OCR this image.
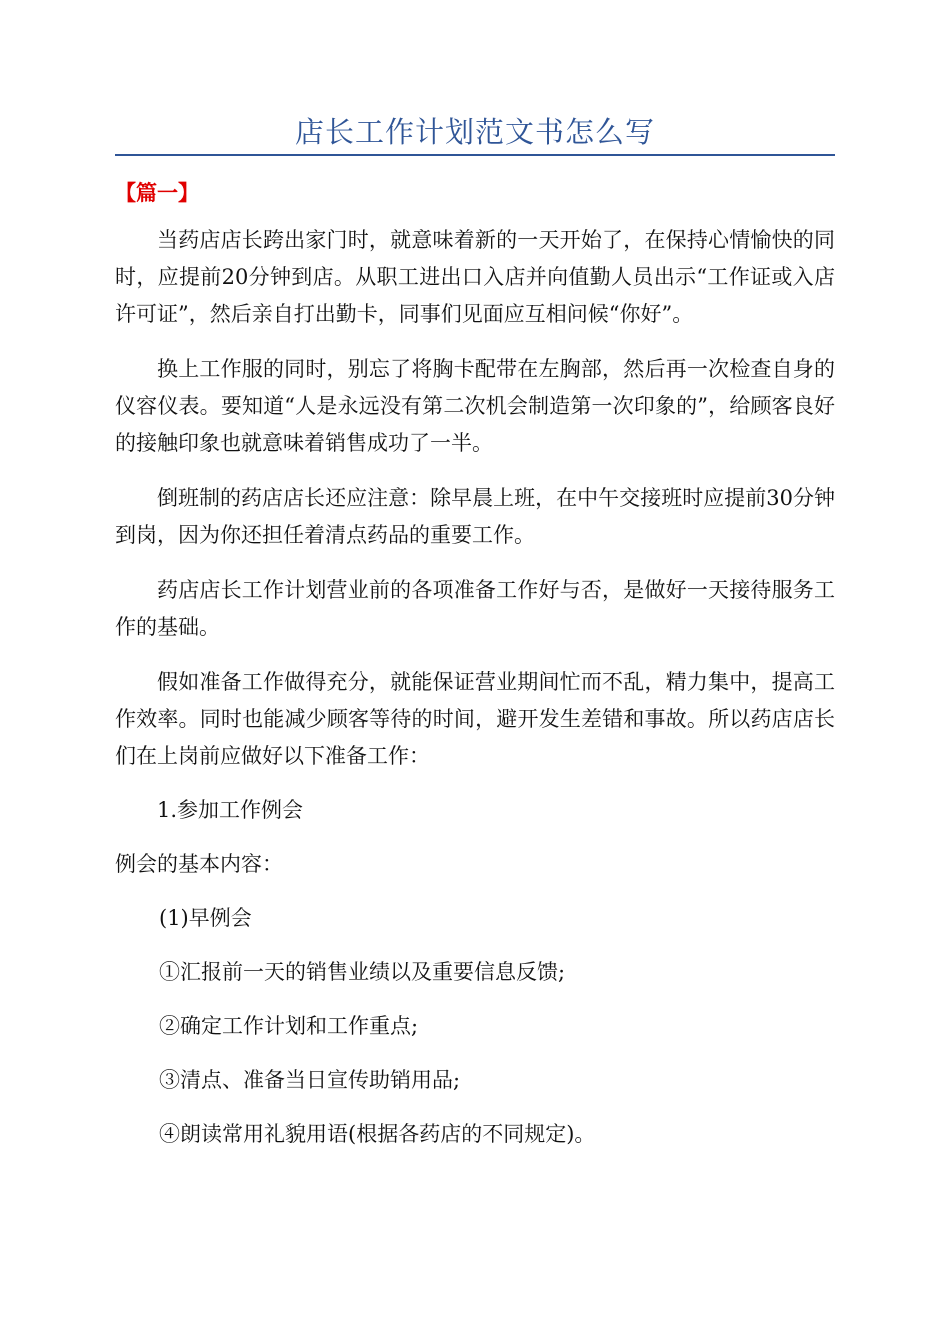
店长工作计划范文书怎么写
【篇一】

当药店店长跨出家门时，就意味着新的一天开始了，在保持心情愉快的同时，应提前20分钟到店。从职工进出口入店并向值勤人员出示“工作证或入店许可证”，然后亲自打出勤卡，同事们见面应互相问候“你好”。

换上工作服的同时，别忘了将胸卡配带在左胸部，然后再一次检查自身的仪容仪表。要知道“人是永远没有第二次机会制造第一次印象的”，给顾客良好的接触印象也就意味着销售成功了一半。

倒班制的药店店长还应注意：除早晨上班，在中午交接班时应提前30分钟到岗，因为你还担任着清点药品的重要工作。

药店店长工作计划营业前的各项准备工作好与否，是做好一天接待服务工作的基础。

假如准备工作做得充分，就能保证营业期间忙而不乱，精力集中，提高工作效率。同时也能减少顾客等待的时间，避开发生差错和事故。所以药店店长们在上岗前应做好以下准备工作：

1.参加工作例会

例会的基本内容：

(1)早例会

①汇报前一天的销售业绩以及重要信息反馈;

②确定工作计划和工作重点;

③清点、准备当日宣传助销用品;

④朗读常用礼貌用语(根据各药店的不同规定)。
